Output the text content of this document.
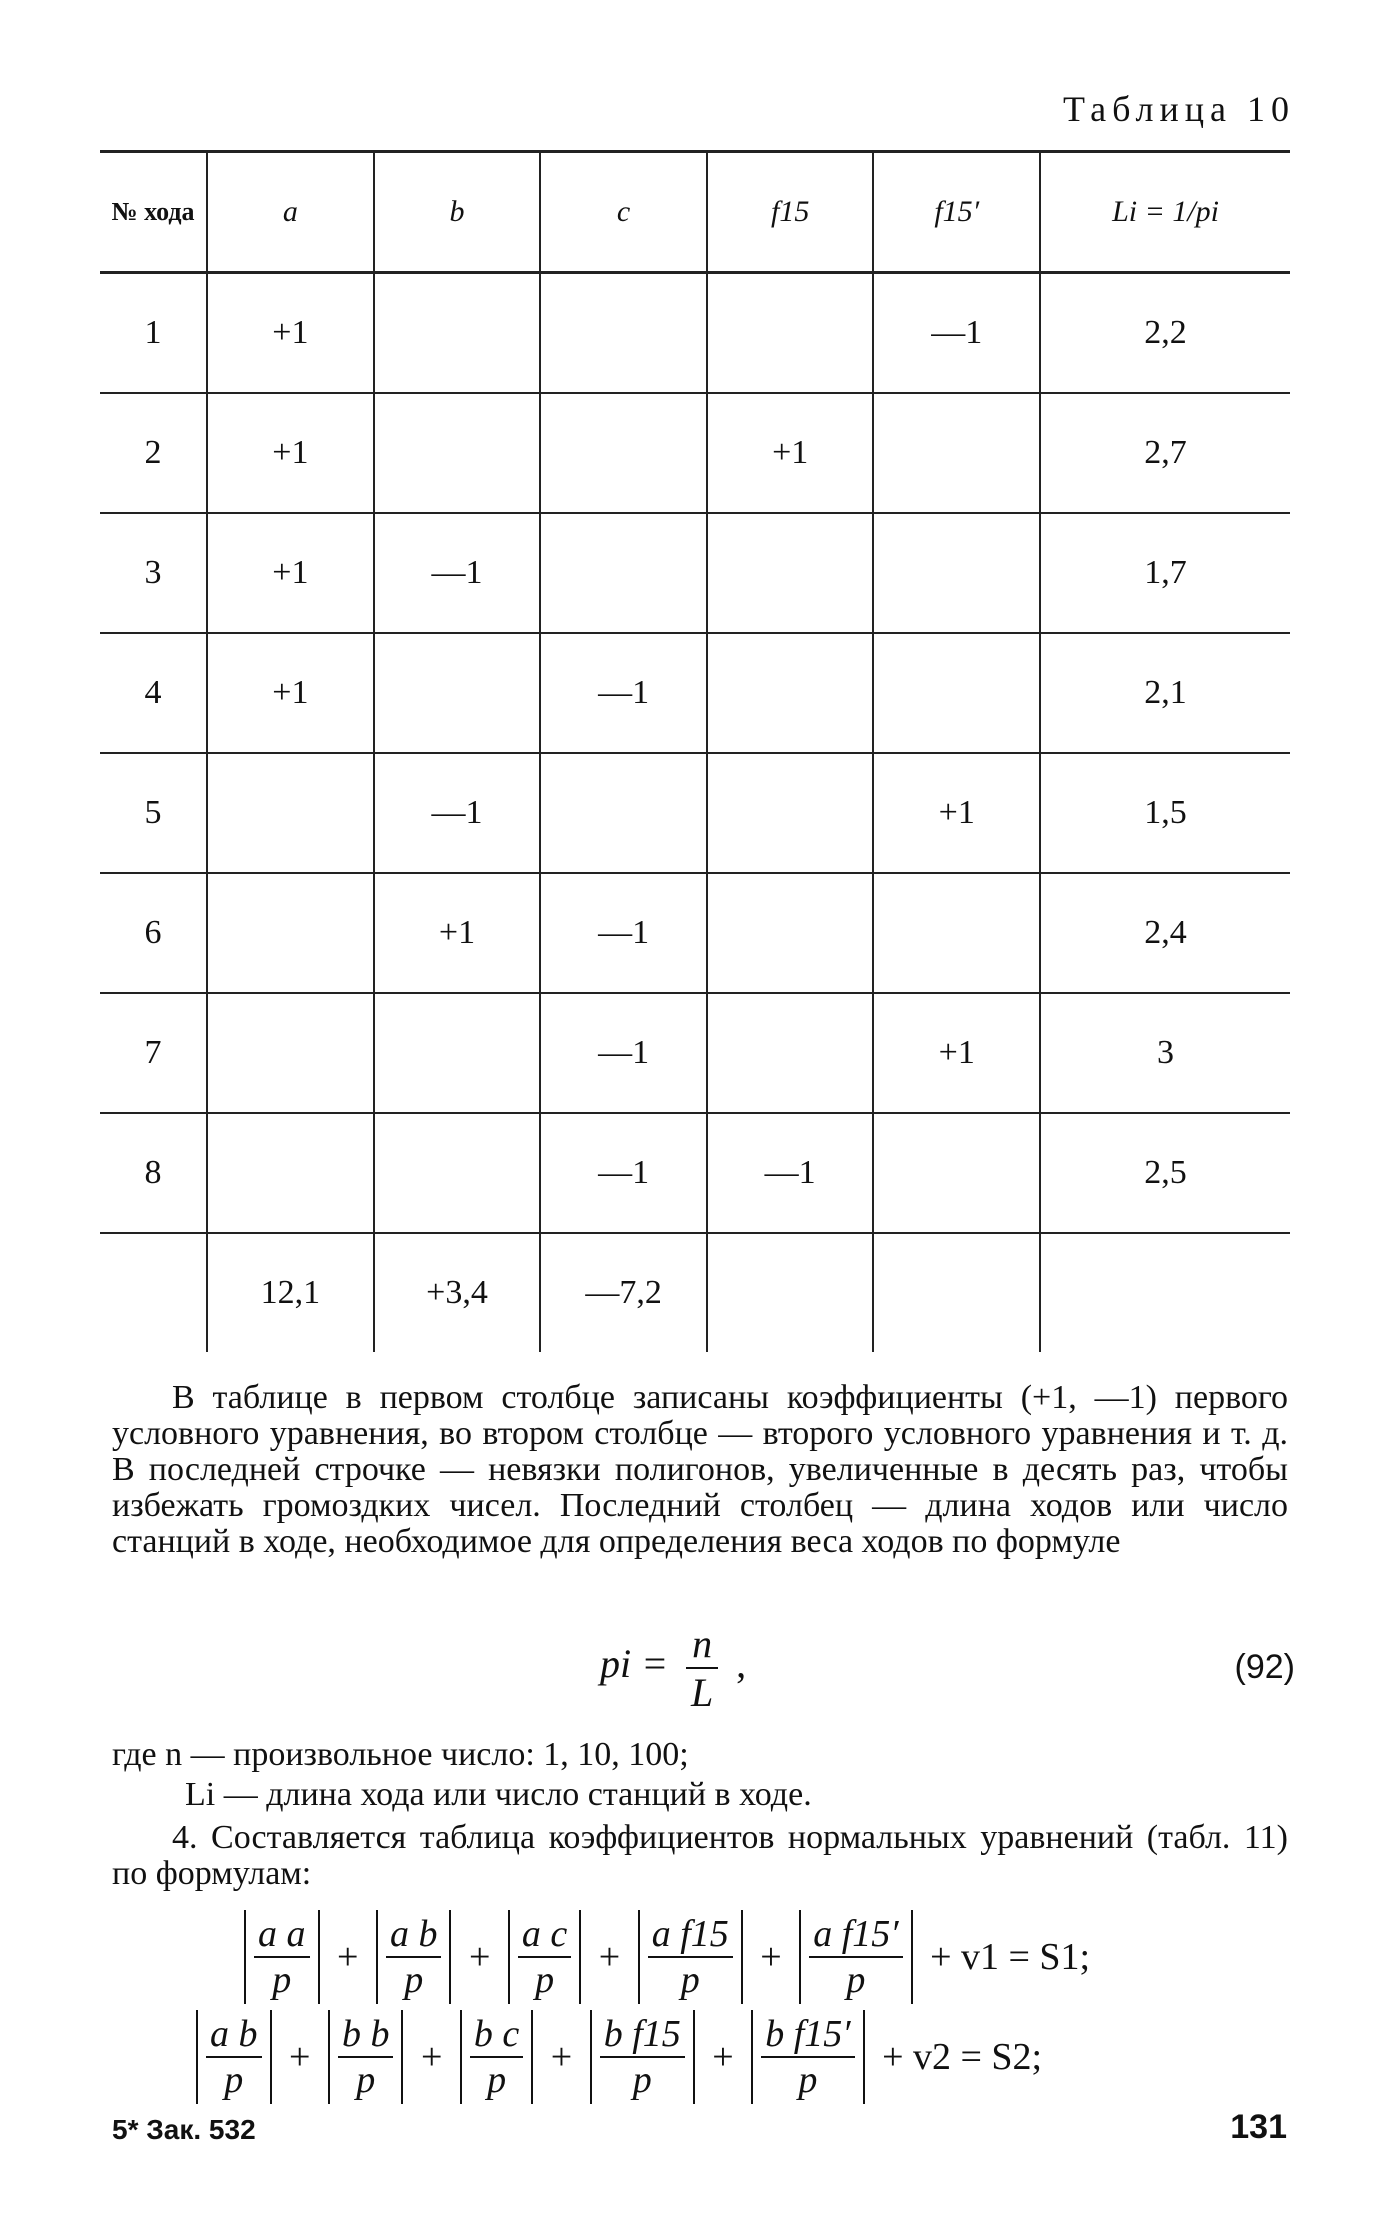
Таблица 10
№ хода	a	b	c	f15	f15′	Li = 1/pi
1	+1				—1	2,2
2	+1			+1		2,7
3	+1	—1				1,7
4	+1		—1			2,1
5		—1			+1	1,5
6		+1	—1			2,4
7			—1		+1	3
8			—1	—1		2,5
	12,1	+3,4	—7,2			
В таблице в первом столбце записаны коэффициенты (+1, —1) первого условного уравнения, во втором столбце — второго условного уравнения и т. д. В последней строчке — невязки полигонов, увеличенные в десять раз, чтобы избежать громоздких чисел. Последний столбец — длина ходов или число станций в ходе, необходимое для определения веса ходов по формуле
pi = $\frac{n}{L}$ ,	(92)
где n — произвольное число: 1, 10, 100;
Li — длина хода или число станций в ходе.
4. Составляется таблица коэффициентов нормальных уравнений (табл. 11) по формулам:
$\frac{\text{a a}}{p} + \frac{\text{a b}}{p} + \frac{\text{a c}}{p} + \frac{\text{a f15}}{p} + \frac{\text{a f15′}}{p} + v1 = S1$;
$\frac{\text{a b}}{p} + \frac{\text{b b}}{p} + \frac{\text{b c}}{p} + \frac{\text{b f15}}{p} + \frac{\text{b f15′}}{p} + v2 = S2$;
5* Зак. 532	131
